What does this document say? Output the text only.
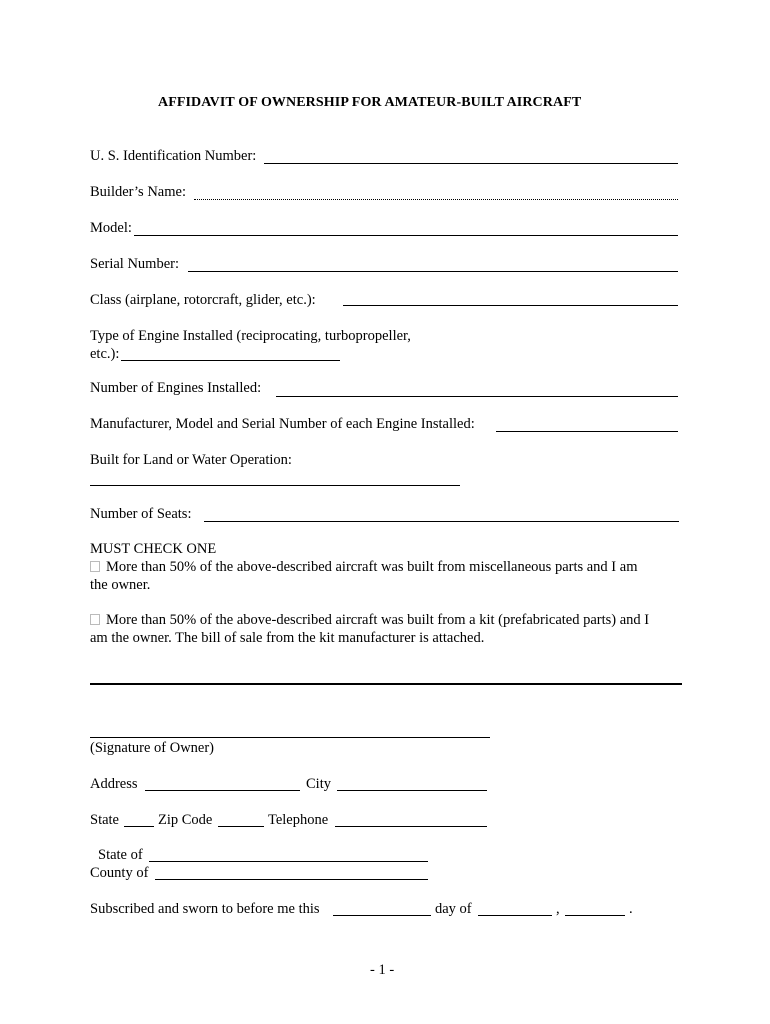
AFFIDAVIT OF OWNERSHIP FOR AMATEUR-BUILT AIRCRAFT
U. S. Identification Number:
Builder’s Name:
Model:
Serial Number:
Class (airplane, rotorcraft, glider, etc.):
Type of Engine Installed (reciprocating, turbopropeller,
etc.):
Number of Engines Installed:
Manufacturer, Model and Serial Number of each Engine Installed:
Built for Land or Water Operation:
Number of Seats:
MUST CHECK ONE
More than 50% of the above-described aircraft was built from miscellaneous parts and I am
the owner.
More than 50% of the above-described aircraft was built from a kit (prefabricated parts) and I
am the owner. The bill of sale from the kit manufacturer is attached.
(Signature of Owner)
Address	City
State	Zip Code	Telephone
State of
County of
Subscribed and sworn to before me this	day of	,	.
- 1 -
